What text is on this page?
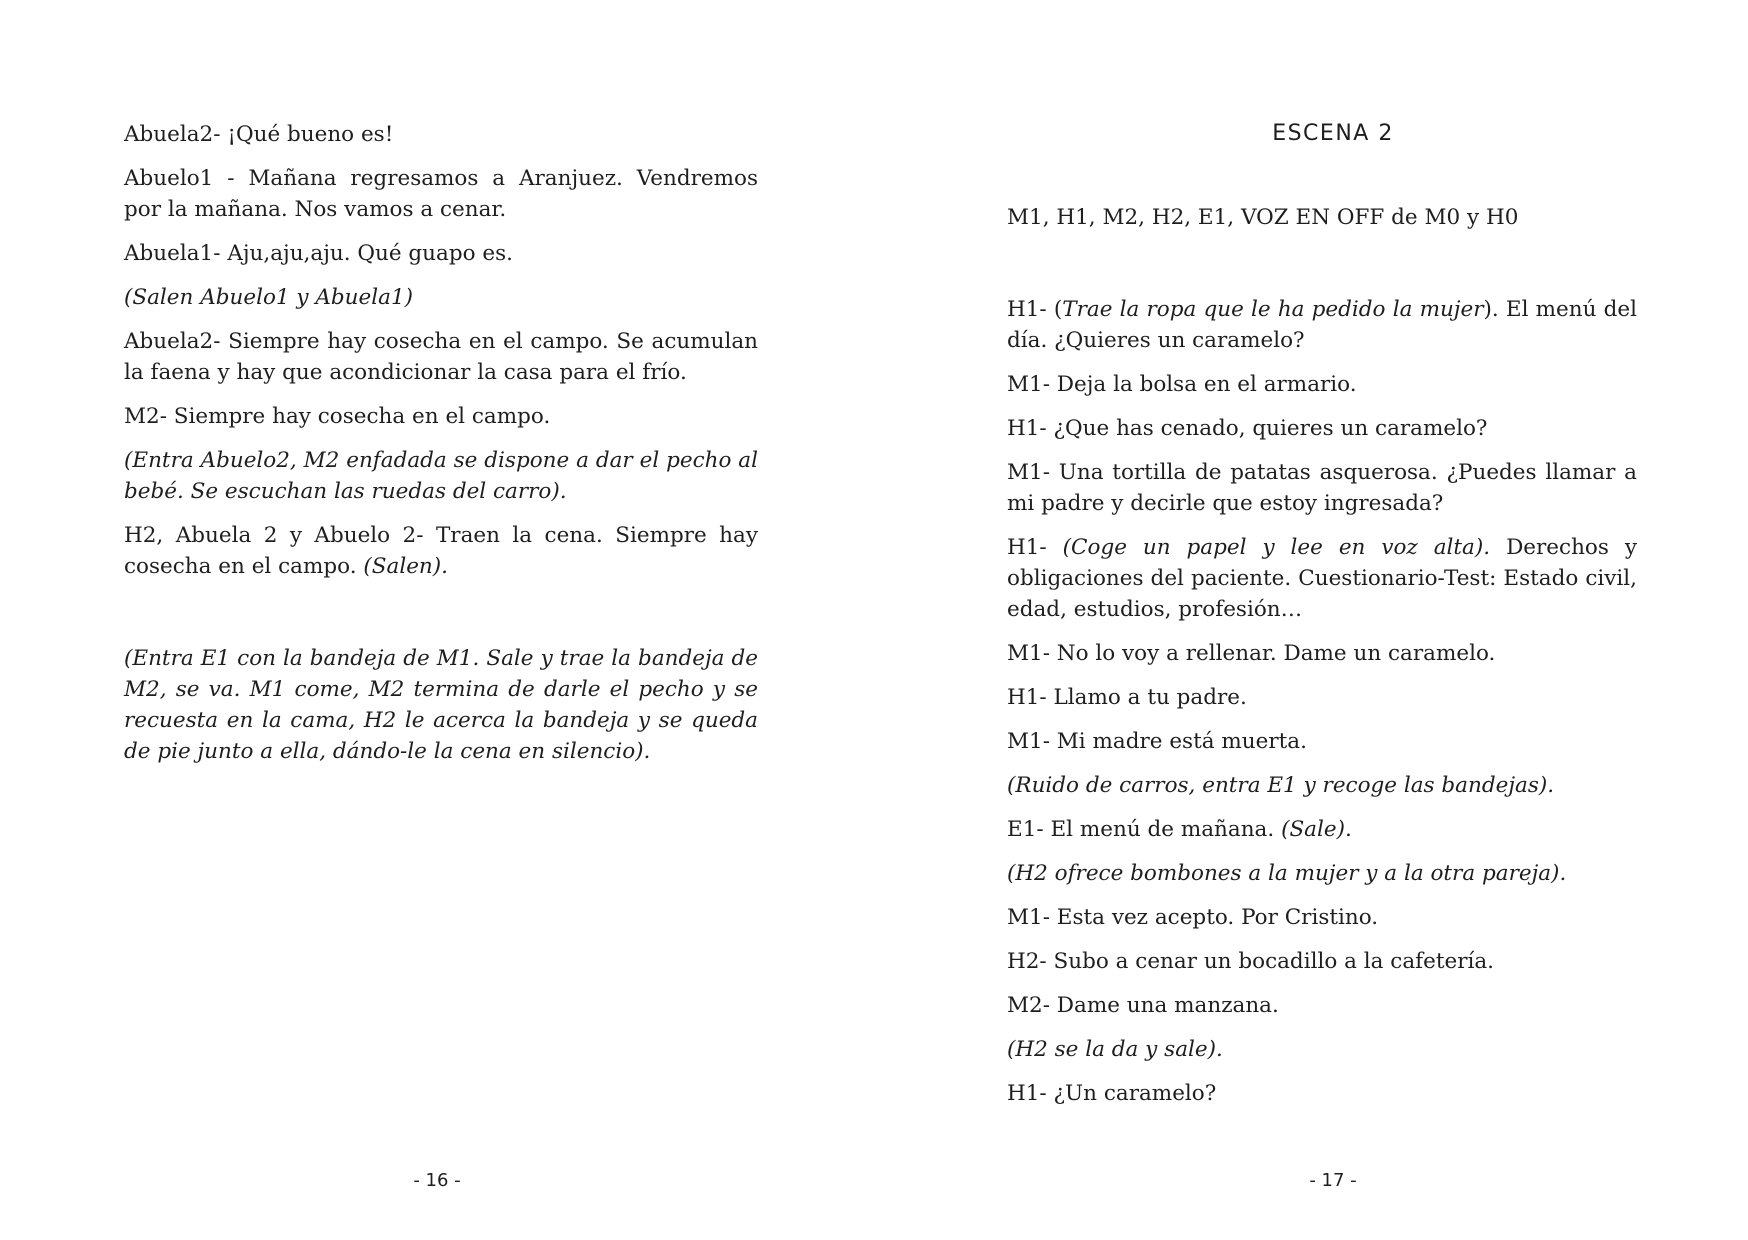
Abuela2- ¡Qué bueno es!

Abuelo1 - Mañana regresamos a Aranjuez. Vendremos por la mañana. Nos vamos a cenar.

Abuela1- Aju,aju,aju. Qué guapo es.

(Salen Abuelo1 y Abuela1)

Abuela2- Siempre hay cosecha en el campo. Se acumulan la faena y hay que acondicionar la casa para el frío.

M2- Siempre hay cosecha en el campo.

(Entra Abuelo2, M2 enfadada se dispone a dar el pecho al bebé. Se escuchan las ruedas del carro).

H2, Abuela 2 y Abuelo 2- Traen la cena. Siempre hay cosecha en el campo. (Salen).

(Entra E1 con la bandeja de M1. Sale y trae la bandeja de M2, se va. M1 come, M2 termina de darle el pecho y se recuesta en la cama, H2 le acerca la bandeja y se queda de pie junto a ella, dándo-le la cena en silencio).

- 16 -
ESCENA 2

M1, H1, M2, H2, E1, VOZ EN OFF de M0 y H0

H1- (Trae la ropa que le ha pedido la mujer). El menú del día. ¿Quieres un caramelo?

M1- Deja la bolsa en el armario.

H1- ¿Que has cenado, quieres un caramelo?

M1- Una tortilla de patatas asquerosa. ¿Puedes llamar a mi padre y decirle que estoy ingresada?

H1- (Coge un papel y lee en voz alta). Derechos y obligaciones del paciente. Cuestionario-Test: Estado civil, edad, estudios, profesión…

M1- No lo voy a rellenar. Dame un caramelo.

H1- Llamo a tu padre.

M1- Mi madre está muerta.

(Ruido de carros, entra E1 y recoge las bandejas).

E1- El menú de mañana. (Sale).

(H2 ofrece bombones a la mujer y a la otra pareja).

M1- Esta vez acepto. Por Cristino.

H2- Subo a cenar un bocadillo a la cafetería.

M2- Dame una manzana.

(H2 se la da y sale).

H1- ¿Un caramelo?

- 17 -
